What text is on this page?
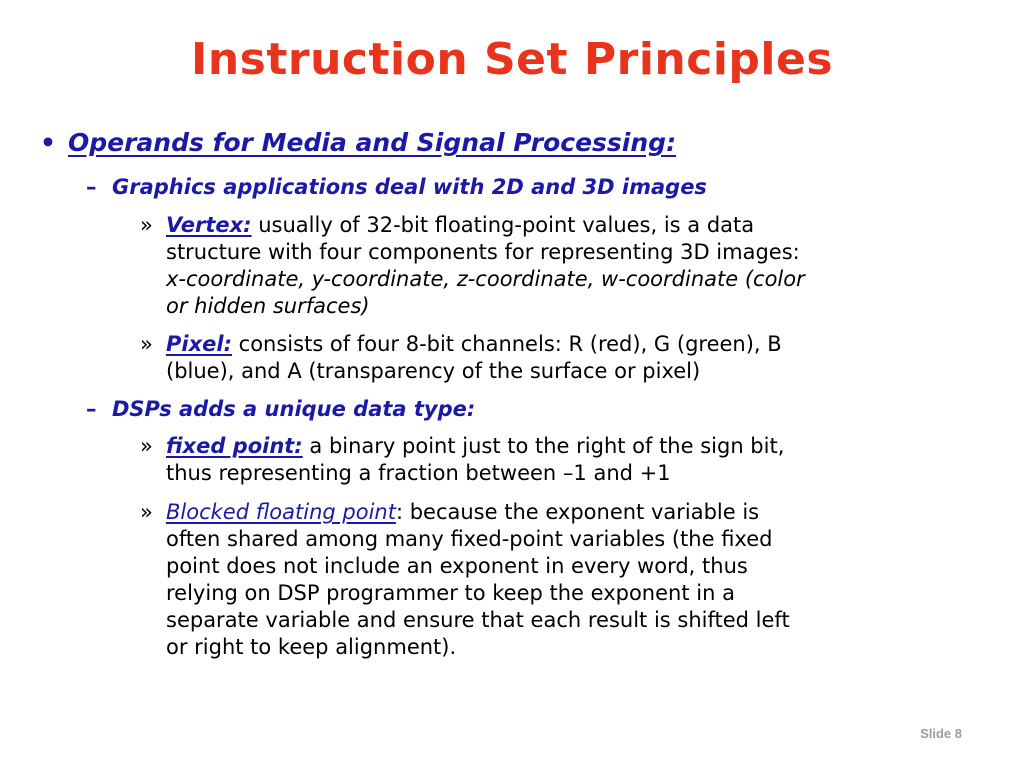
Instruction Set Principles
• Operands for Media and Signal Processing:
– Graphics applications deal with 2D and 3D images
» Vertex: usually of 32-bit floating-point values, is a data
structure with four components for representing 3D images:
x-coordinate, y-coordinate, z-coordinate, w-coordinate (color
or hidden surfaces)
» Pixel: consists of four 8-bit channels: R (red), G (green), B
(blue), and A (transparency of the surface or pixel)
– DSPs adds a unique data type:
» fixed point: a binary point just to the right of the sign bit,
thus representing a fraction between –1 and +1
» Blocked floating point: because the exponent variable is
often shared among many fixed-point variables (the fixed
point does not include an exponent in every word, thus
relying on DSP programmer to keep the exponent in a
separate variable and ensure that each result is shifted left
or right to keep alignment).
Slide 8
